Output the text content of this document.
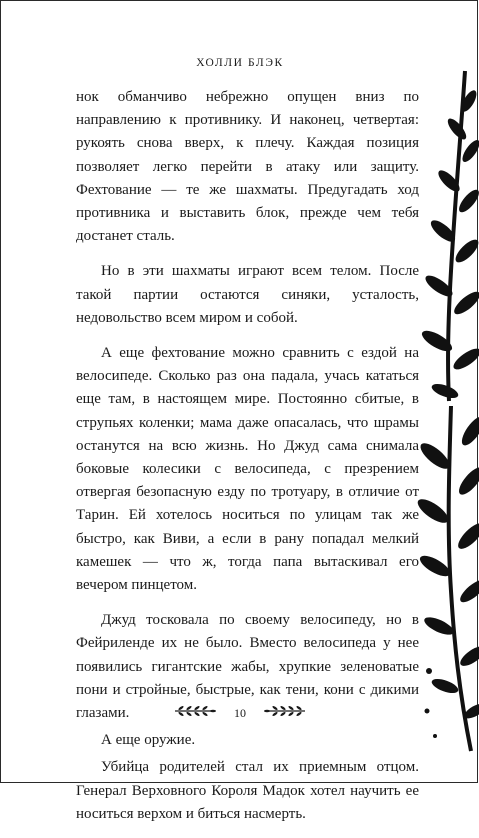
ХОЛЛИ БЛЭК

нок обманчиво небрежно опущен вниз по направлению к противнику. И наконец, четвертая: рукоять снова вверх, к плечу. Каждая позиция позволяет легко перейти в атаку или защиту. Фехтование — те же шахматы. Предугадать ход противника и выставить блок, прежде чем тебя достанет сталь.

Но в эти шахматы играют всем телом. После такой партии остаются синяки, усталость, недовольство всем миром и собой.

А еще фехтование можно сравнить с ездой на велосипеде. Сколько раз она падала, учась кататься еще там, в настоящем мире. Постоянно сбитые, в струпьях коленки; мама даже опасалась, что шрамы останутся на всю жизнь. Но Джуд сама снимала боковые колесики с велосипеда, с презрением отвергая безопасную езду по тротуару, в отличие от Тарин. Ей хотелось носиться по улицам так же быстро, как Виви, а если в рану попадал мелкий камешек — что ж, тогда папа вытаскивал его вечером пинцетом.

Джуд тосковала по своему велосипеду, но в Фейриленде их не было. Вместо велосипеда у нее появились гигантские жабы, хрупкие зеленоватые пони и стройные, быстрые, как тени, кони с дикими глазами.

А еще оружие.

Убийца родителей стал их приемным отцом. Генерал Верховного Короля Мадок хотел научить ее носиться верхом и биться насмерть.

10
